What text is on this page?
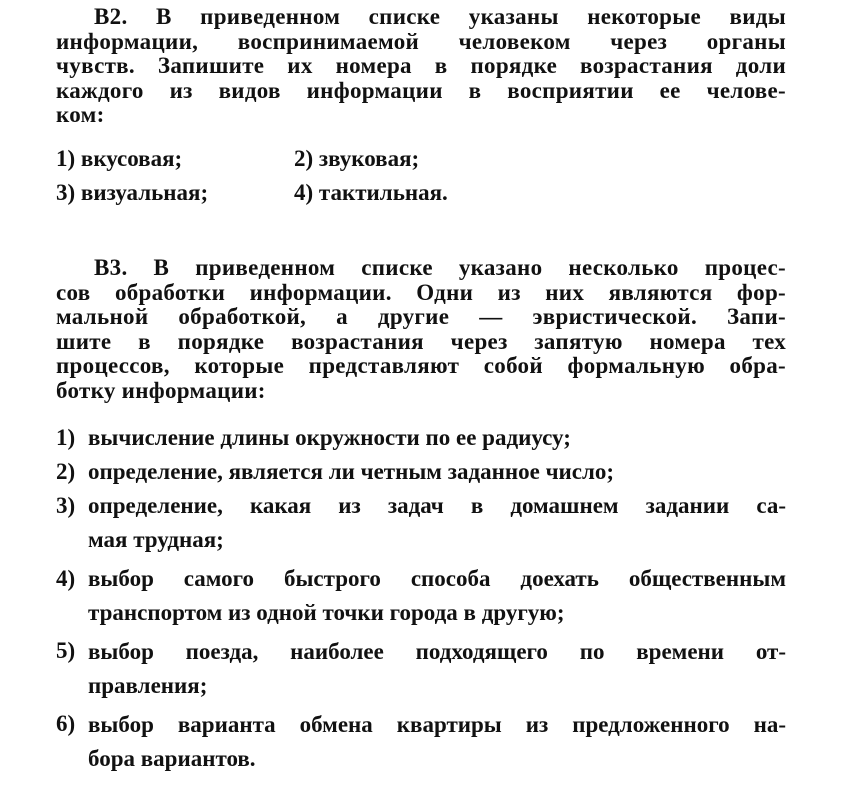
B2. В приведенном списке указаны некоторые виды
информации, воспринимаемой человеком через органы
чувств. Запишите их номера в порядке возрастания доли
каждого из видов информации в восприятии ее челове-
ком:

1) вкусовая;	2) звуковая;
3) визуальная;	4) тактильная.

В3. В приведенном списке указано несколько процес-
сов обработки информации. Одни из них являются фор-
мальной обработкой, а другие — эвристической. Запи-
шите в порядке возрастания через запятую номера тех
процессов, которые представляют собой формальную обра-
ботку информации:

1) вычисление длины окружности по ее радиусу;
2) определение, является ли четным заданное число;
3) определение, какая из задач в домашнем задании са-
мая трудная;
4) выбор самого быстрого способа доехать общественным
транспортом из одной точки города в другую;
5) выбор поезда, наиболее подходящего по времени от-
правления;
6) выбор варианта обмена квартиры из предложенного на-
бора вариантов.
